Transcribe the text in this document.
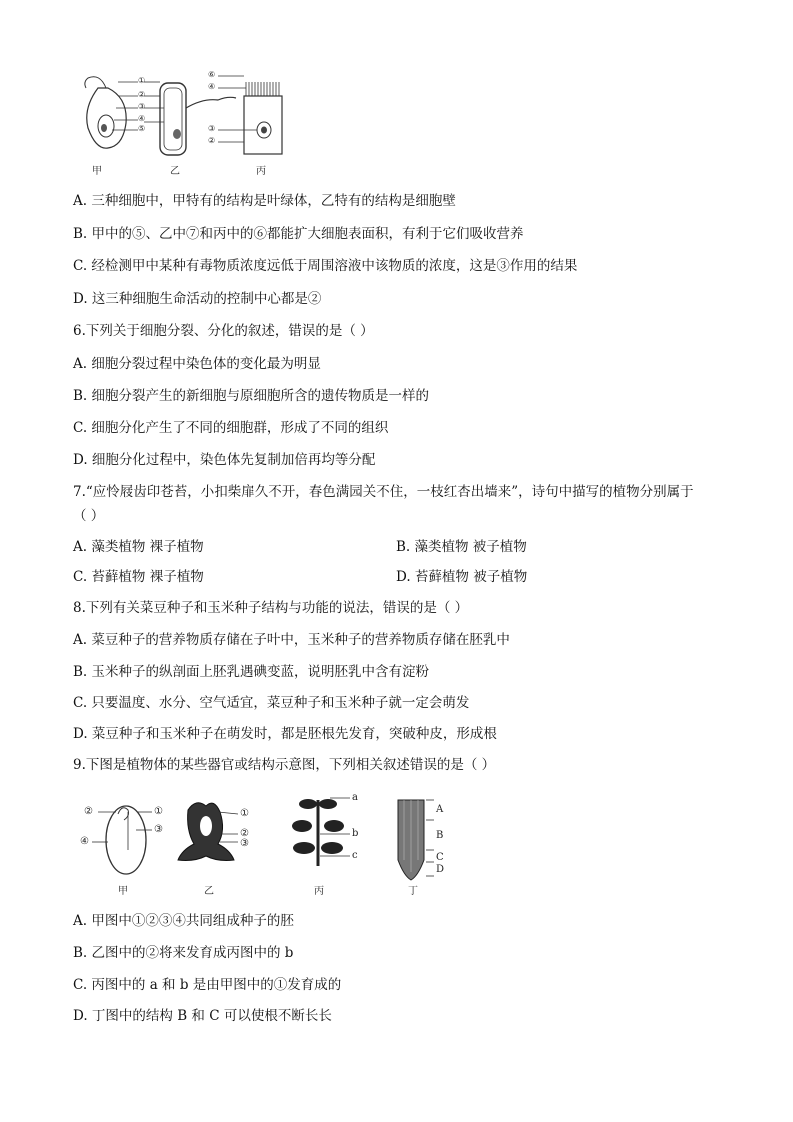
甲	乙	丙
①
②
③
④
⑤
⑥
④
③
②
A. 三种细胞中，甲特有的结构是叶绿体，乙特有的结构是细胞壁
B. 甲中的⑤、乙中⑦和丙中的⑥都能扩大细胞表面积，有利于它们吸收营养
C. 经检测甲中某种有毒物质浓度远低于周围溶液中该物质的浓度，这是③作用的结果
D. 这三种细胞生命活动的控制中心都是②
6.下列关于细胞分裂、分化的叙述，错误的是（ ）
A. 细胞分裂过程中染色体的变化最为明显
B. 细胞分裂产生的新细胞与原细胞所含的遗传物质是一样的
C. 细胞分化产生了不同的细胞群，形成了不同的组织
D. 细胞分化过程中，染色体先复制加倍再均等分配
7.“应怜屐齿印苍苔，小扣柴扉久不开，春色满园关不住，一枝红杏出墙来”，诗句中描写的植物分别属于
（ ）
A. 藻类植物 裸子植物	B. 藻类植物 被子植物
C. 苔藓植物 裸子植物	D. 苔藓植物 被子植物
8.下列有关菜豆种子和玉米种子结构与功能的说法，错误的是（ ）
A. 菜豆种子的营养物质存储在子叶中，玉米种子的营养物质存储在胚乳中
B. 玉米种子的纵剖面上胚乳遇碘变蓝，说明胚乳中含有淀粉
C. 只要温度、水分、空气适宜，菜豆种子和玉米种子就一定会萌发
D. 菜豆种子和玉米种子在萌发时，都是胚根先发育，突破种皮，形成根
9.下图是植物体的某些器官或结构示意图，下列相关叙述错误的是（ ）
甲	乙	丙	丁
②	①
③
④
①
②
③
a
b
c
A
B
C
D
A. 甲图中①②③④共同组成种子的胚
B. 乙图中的②将来发育成丙图中的 b
C. 丙图中的 a 和 b 是由甲图中的①发育成的
D. 丁图中的结构 B 和 C 可以使根不断长长
